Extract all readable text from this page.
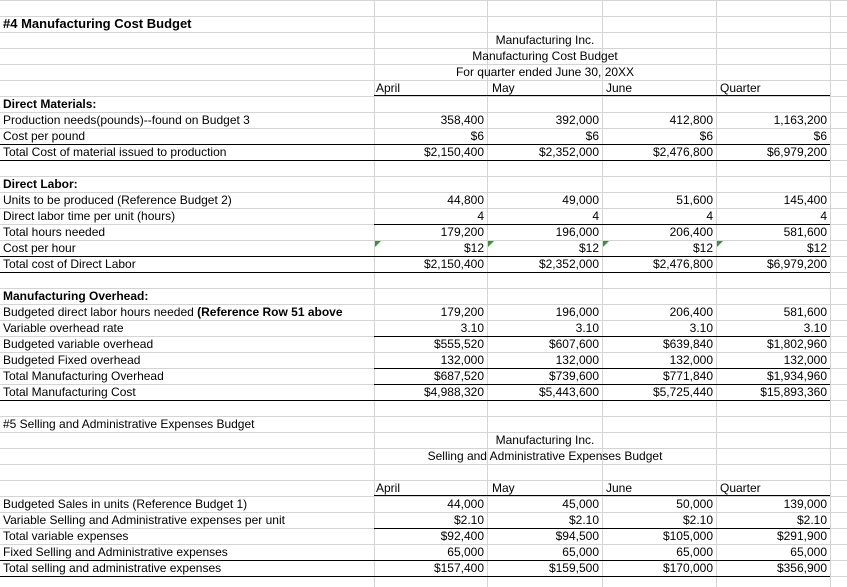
#4 Manufacturing Cost Budget
Manufacturing Inc.
Manufacturing Cost Budget
For quarter ended June 30, 20XX
April	May	June	Quarter
Direct Materials:
Production needs(pounds)--found on Budget 3	358,400	392,000	412,800	1,163,200
Cost per pound	$6	$6	$6	$6
Total Cost of material issued to production	$2,150,400	$2,352,000	$2,476,800	$6,979,200
Direct Labor:
Units to be produced (Reference Budget 2)	44,800	49,000	51,600	145,400
Direct labor time per unit (hours)	4	4	4	4
Total hours needed	179,200	196,000	206,400	581,600
Cost per hour	$12	$12	$12	$12
Total cost of Direct Labor	$2,150,400	$2,352,000	$2,476,800	$6,979,200
Manufacturing Overhead:
Budgeted direct labor hours needed (Reference Row 51 above	179,200	196,000	206,400	581,600
Variable overhead rate	3.10	3.10	3.10	3.10
Budgeted variable overhead	$555,520	$607,600	$639,840	$1,802,960
Budgeted Fixed overhead	132,000	132,000	132,000	132,000
Total Manufacturing Overhead	$687,520	$739,600	$771,840	$1,934,960
Total Manufacturing Cost	$4,988,320	$5,443,600	$5,725,440	$15,893,360
#5 Selling and Administrative Expenses Budget
Manufacturing Inc.
Selling and Administrative Expenses Budget
April	May	June	Quarter
Budgeted Sales in units (Reference Budget 1)	44,000	45,000	50,000	139,000
Variable Selling and Administrative expenses per unit	$2.10	$2.10	$2.10	$2.10
Total variable expenses	$92,400	$94,500	$105,000	$291,900
Fixed Selling and Administrative expenses	65,000	65,000	65,000	65,000
Total selling and administrative expenses	$157,400	$159,500	$170,000	$356,900
